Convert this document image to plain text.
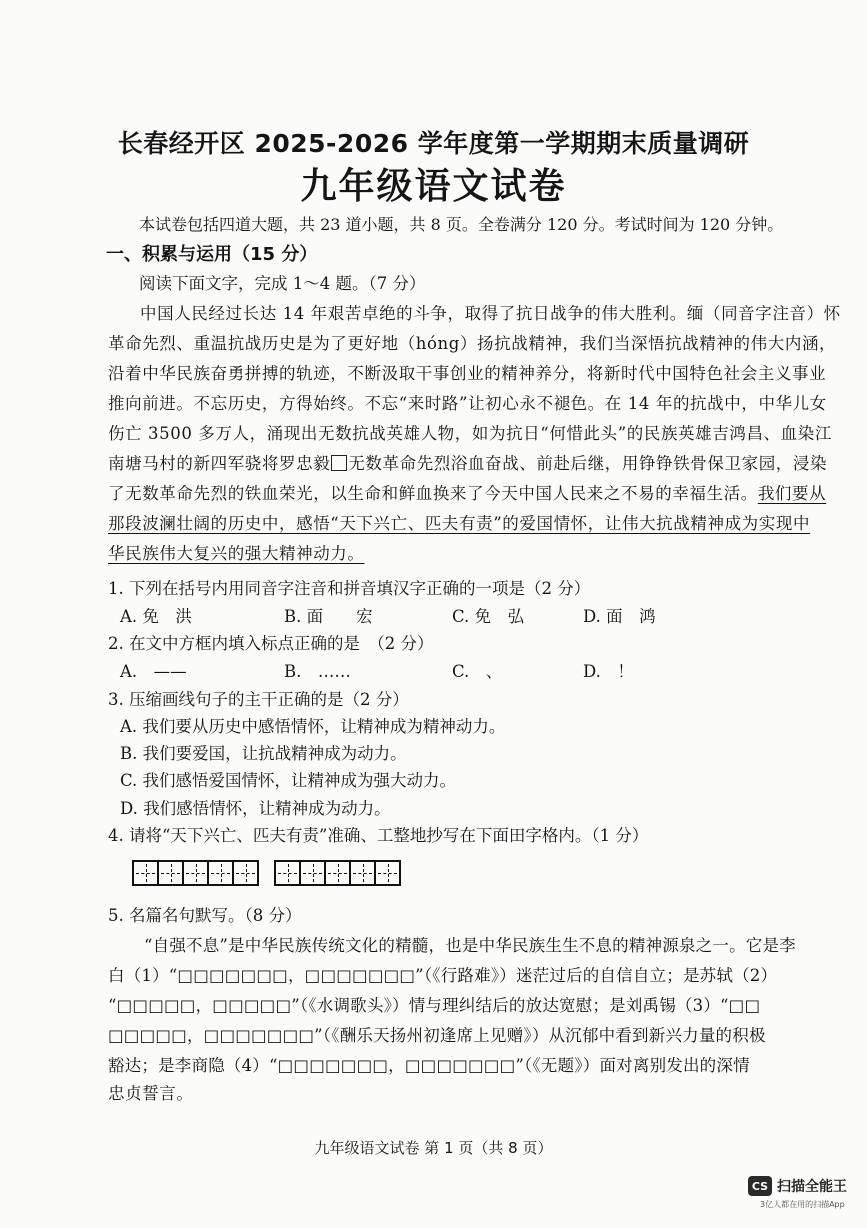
长春经开区 2025-2026 学年度第一学期期末质量调研
九年级语文试卷
本试卷包括四道大题，共 23 道小题，共 8 页。全卷满分 120 分。考试时间为 120 分钟。
一、积累与运用（15 分）
阅读下面文字，完成 1～4 题。（7 分）
中国人民经过长达 14 年艰苦卓绝的斗争，取得了抗日战争的伟大胜利。缅（同音字注音）怀
革命先烈、重温抗战历史是为了更好地（hóng）扬抗战精神，我们当深悟抗战精神的伟大内涵，
沿着中华民族奋勇拼搏的轨迹，不断汲取干事创业的精神养分，将新时代中国特色社会主义事业
推向前进。不忘历史，方得始终。不忘“来时路”让初心永不褪色。在 14 年的抗战中，中华儿女
伤亡 3500 多万人，涌现出无数抗战英雄人物，如为抗日“何惜此头”的民族英雄吉鸿昌、血染江
南塘马村的新四军骁将罗忠毅 无数革命先烈浴血奋战、前赴后继，用铮铮铁骨保卫家园，浸染
了无数革命先烈的铁血荣光，以生命和鲜血换来了今天中国人民来之不易的幸福生活。我们要从
那段波澜壮阔的历史中，感悟“天下兴亡、匹夫有责”的爱国情怀，让伟大抗战精神成为实现中
华民族伟大复兴的强大精神动力。
1. 下列在括号内用同音字注音和拼音填汉字正确的一项是（2 分）
A. 免　洪	B. 面　　宏	C. 免　弘	D. 面　鸿
2. 在文中方框内填入标点正确的是　（2 分）
A.　——	B.　……	C.　、	D.　！
3. 压缩画线句子的主干正确的是（2 分）
A. 我们要从历史中感悟情怀，让精神成为精神动力。
B. 我们要爱国，让抗战精神成为动力。
C. 我们感悟爱国情怀，让精神成为强大动力。
D. 我们感悟情怀，让精神成为动力。
4. 请将“天下兴亡、匹夫有责”准确、工整地抄写在下面田字格内。（1 分）
5. 名篇名句默写。（8 分）
“自强不息”是中华民族传统文化的精髓，也是中华民族生生不息的精神源泉之一。它是李
白（1）“□□□□□□□，□□□□□□□”（《行路难》）迷茫过后的自信自立；是苏轼（2）
“□□□□□，□□□□□”（《水调歌头》）情与理纠结后的放达宽慰；是刘禹锡（3）“□□
□□□□□，□□□□□□□”（《酬乐天扬州初逢席上见赠》）从沉郁中看到新兴力量的积极
豁达；是李商隐（4）“□□□□□□□，□□□□□□□”（《无题》）面对离别发出的深情
忠贞誓言。
九年级语文试卷 第 1 页（共 8 页）
CS 扫描全能王
3亿人都在用的扫描App
